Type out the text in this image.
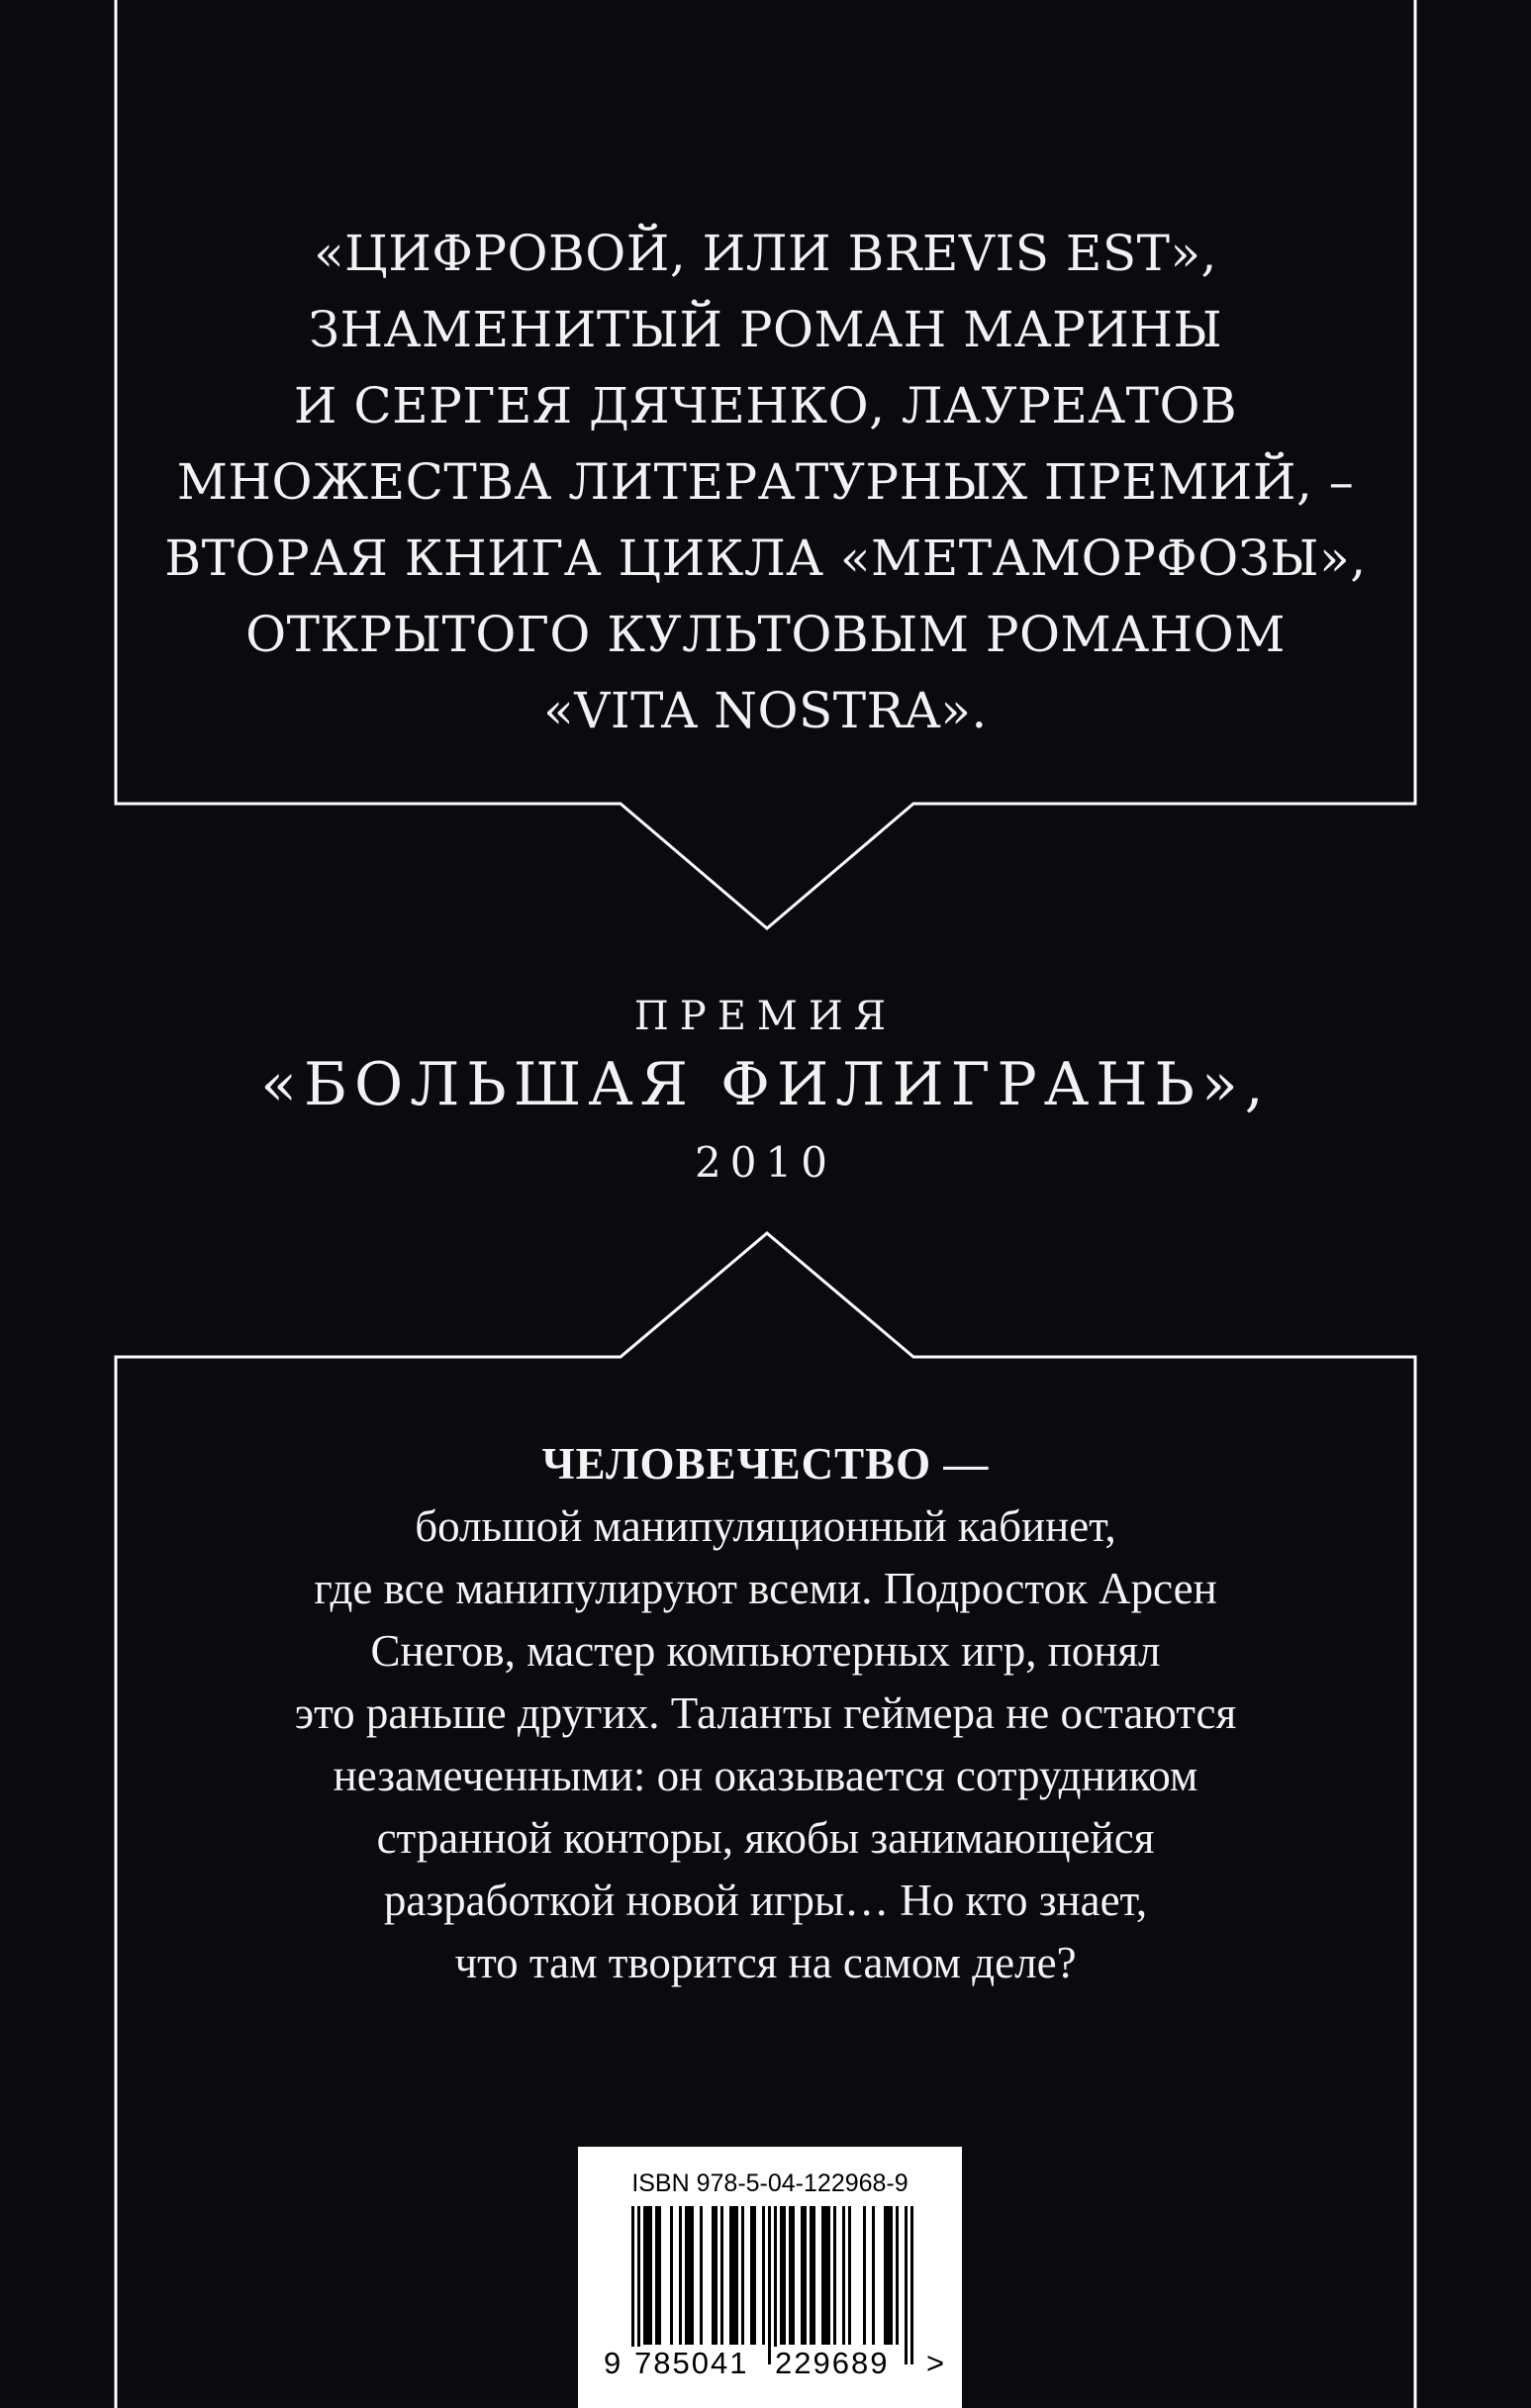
«ЦИФРОВОЙ, ИЛИ BREVIS EST»,
ЗНАМЕНИТЫЙ РОМАН МАРИНЫ
И СЕРГЕЯ ДЯЧЕНКО, ЛАУРЕАТОВ
МНОЖЕСТВА ЛИТЕРАТУРНЫХ ПРЕМИЙ, –
ВТОРАЯ КНИГА ЦИКЛА «МЕТАМОРФОЗЫ»,
ОТКРЫТОГО КУЛЬТОВЫМ РОМАНОМ
«VITA NOSTRA».
ПРЕМИЯ
«БОЛЬШАЯ ФИЛИГРАНЬ»,
2010
ЧЕЛОВЕЧЕСТВО —
большой манипуляционный кабинет,
где все манипулируют всеми. Подросток Арсен
Снегов, мастер компьютерных игр, понял
это раньше других. Таланты геймера не остаются
незамеченными: он оказывается сотрудником
странной конторы, якобы занимающейся
разработкой новой игры… Но кто знает,
что там творится на самом деле?
ISBN 978-5-04-122968-9
9 785041 229689 >
